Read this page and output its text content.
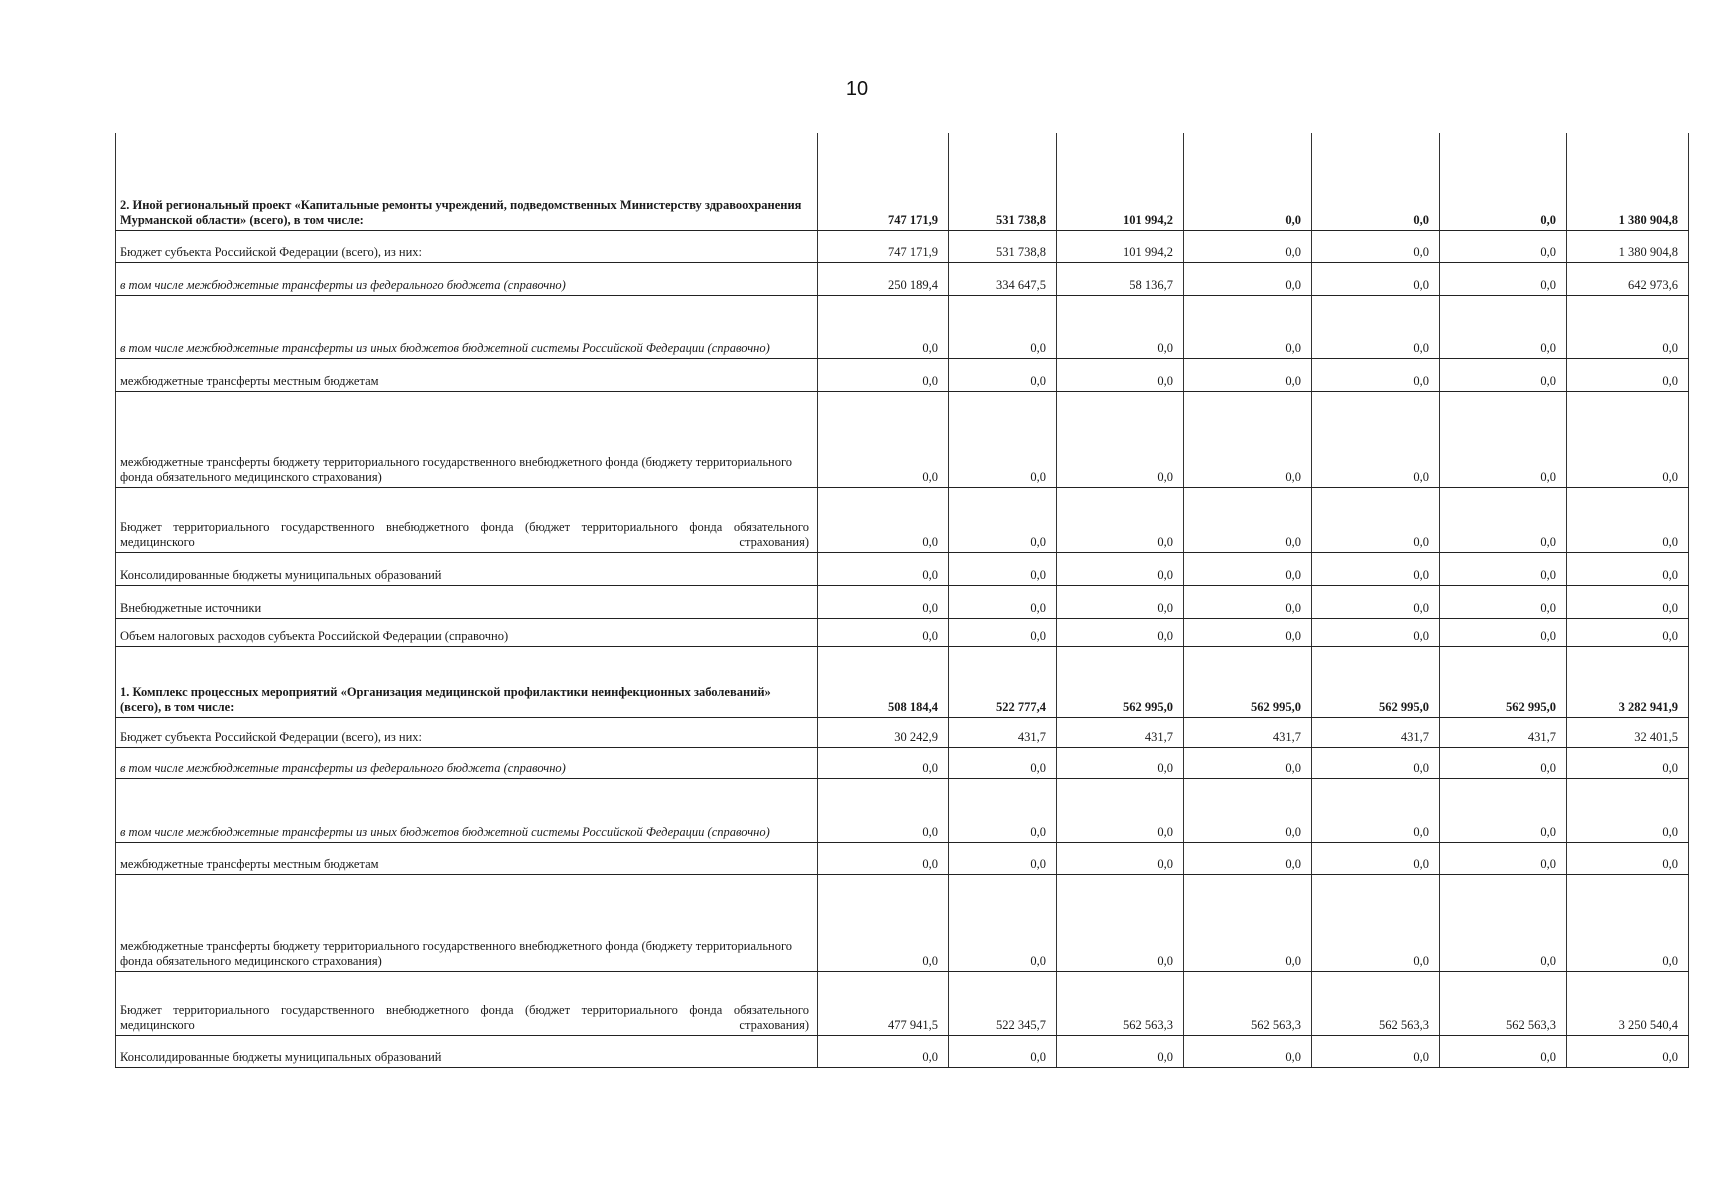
10
2. Иной региональный проект «Капитальные ремонты учреждений, подведомственных Министерству здравоохранения Мурманской области» (всего), в том числе:	747 171,9	531 738,8	101 994,2	0,0	0,0	0,0	1 380 904,8
Бюджет субъекта Российской Федерации (всего), из них:	747 171,9	531 738,8	101 994,2	0,0	0,0	0,0	1 380 904,8
в том числе межбюджетные трансферты из федерального бюджета (справочно)	250 189,4	334 647,5	58 136,7	0,0	0,0	0,0	642 973,6
в том числе межбюджетные трансферты из иных бюджетов бюджетной системы Российской Федерации (справочно)	0,0	0,0	0,0	0,0	0,0	0,0	0,0
межбюджетные трансферты местным бюджетам	0,0	0,0	0,0	0,0	0,0	0,0	0,0
межбюджетные трансферты бюджету территориального государственного внебюджетного фонда (бюджету территориального фонда обязательного медицинского страхования)	0,0	0,0	0,0	0,0	0,0	0,0	0,0
Бюджет территориального государственного внебюджетного фонда (бюджет территориального фонда обязательного медицинского страхования)	0,0	0,0	0,0	0,0	0,0	0,0	0,0
Консолидированные бюджеты муниципальных образований	0,0	0,0	0,0	0,0	0,0	0,0	0,0
Внебюджетные источники	0,0	0,0	0,0	0,0	0,0	0,0	0,0
Объем налоговых расходов субъекта Российской Федерации (справочно)	0,0	0,0	0,0	0,0	0,0	0,0	0,0
1. Комплекс процессных мероприятий «Организация медицинской профилактики неинфекционных заболеваний» (всего), в том числе:	508 184,4	522 777,4	562 995,0	562 995,0	562 995,0	562 995,0	3 282 941,9
Бюджет субъекта Российской Федерации (всего), из них:	30 242,9	431,7	431,7	431,7	431,7	431,7	32 401,5
в том числе межбюджетные трансферты из федерального бюджета (справочно)	0,0	0,0	0,0	0,0	0,0	0,0	0,0
в том числе межбюджетные трансферты из иных бюджетов бюджетной системы Российской Федерации (справочно)	0,0	0,0	0,0	0,0	0,0	0,0	0,0
межбюджетные трансферты местным бюджетам	0,0	0,0	0,0	0,0	0,0	0,0	0,0
межбюджетные трансферты бюджету территориального государственного внебюджетного фонда (бюджету территориального фонда обязательного медицинского страхования)	0,0	0,0	0,0	0,0	0,0	0,0	0,0
Бюджет территориального государственного внебюджетного фонда (бюджет территориального фонда обязательного медицинского страхования)	477 941,5	522 345,7	562 563,3	562 563,3	562 563,3	562 563,3	3 250 540,4
Консолидированные бюджеты муниципальных образований	0,0	0,0	0,0	0,0	0,0	0,0	0,0
